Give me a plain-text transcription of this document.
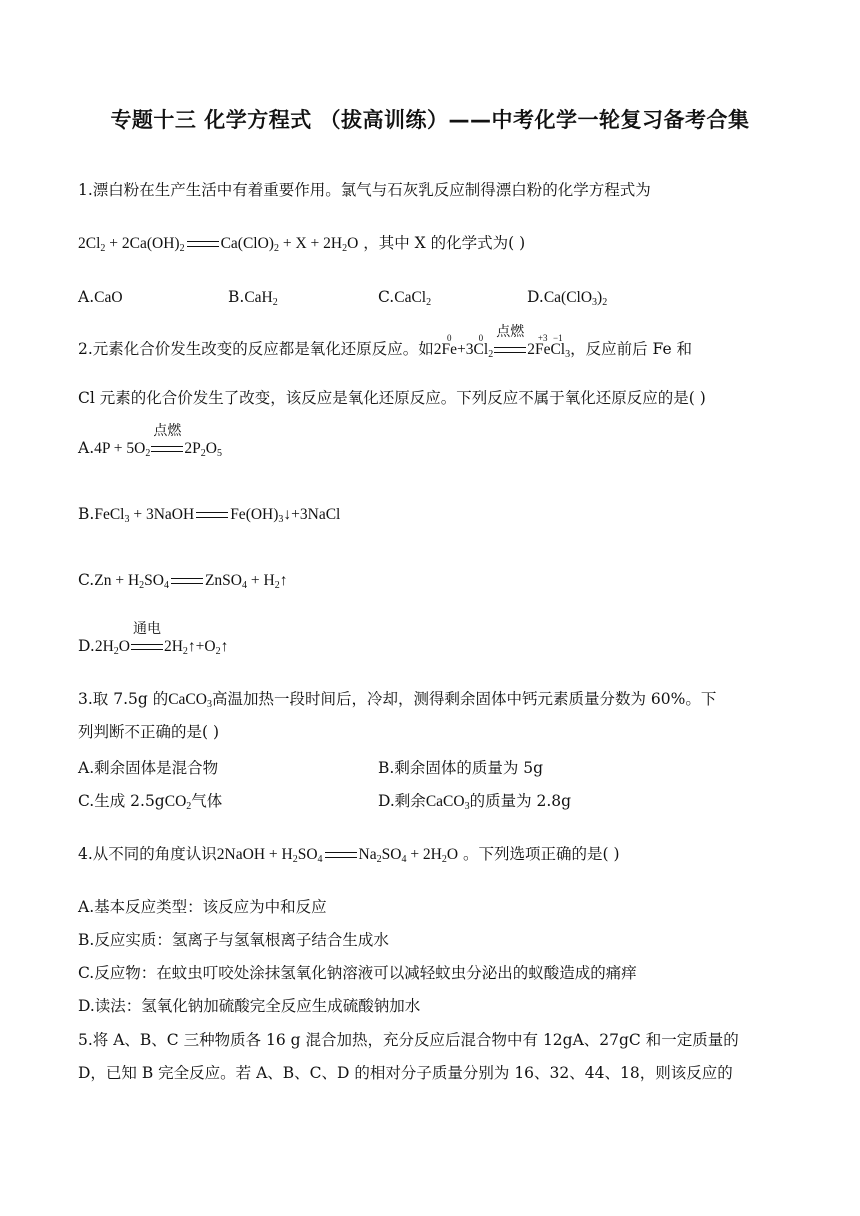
专题十三 化学方程式 （拔高训练）——中考化学一轮复习备考合集
1.漂白粉在生产生活中有着重要作用。氯气与石灰乳反应制得漂白粉的化学方程式为
$2Cl_2 + 2Ca(OH)_2$ $Ca(ClO)_2 + X + 2H_2O$ ，其中 X 的化学式为( )
A.CaO	B.CaH$_2$	C.CaCl$_2$	$D.Ca(ClO_3)_2$
2.元素化合价发生改变的反应都是氧化还原反应。如2
0
Fe+3
0
$Cl_2$
点燃
2
+3
Fe
−1
$Cl_3$，反应前后 Fe 和
Cl 元素的化合价发生了改变，该反应是氧化还原反应。下列反应不属于氧化还原反应的是( )
$A.4P + 5O_2$
点燃
$2P_2O_5$
B.FeCl$_3$ + 3NaOH $Fe(OH)_3↓+3NaCl$
$C.Zn + H_2SO_4$ ZnSO$_4$ + $H_2↑$
$D.2H_2O$
通电
$2H_2↑+O_2↑$
3.取 7.5g 的CaCO$_3$高温加热一段时间后，冷却，测得剩余固体中钙元素质量分数为 60%。下
列判断不正确的是( )
A.剩余固体是混合物	B.剩余固体的质量为 5g
C.生成 2.5gCO$_2$气体	D.剩余CaCO$_3$的质量为 2.8g
4.从不同的角度认识2NaOH + $H_2SO_4$ $Na_2SO_4 + 2H_2O$ 。下列选项正确的是( )
A.基本反应类型：该反应为中和反应
B.反应实质：氢离子与氢氧根离子结合生成水
C.反应物：在蚊虫叮咬处涂抹氢氧化钠溶液可以减轻蚊虫分泌出的蚁酸造成的痛痒
D.读法：氢氧化钠加硫酸完全反应生成硫酸钠加水
5.将 A、B、C 三种物质各 16 g 混合加热，充分反应后混合物中有 12gA、27gC 和一定质量的
D，已知 B 完全反应。若 A、B、C、D 的相对分子质量分别为 16、32、44、18，则该反应的
